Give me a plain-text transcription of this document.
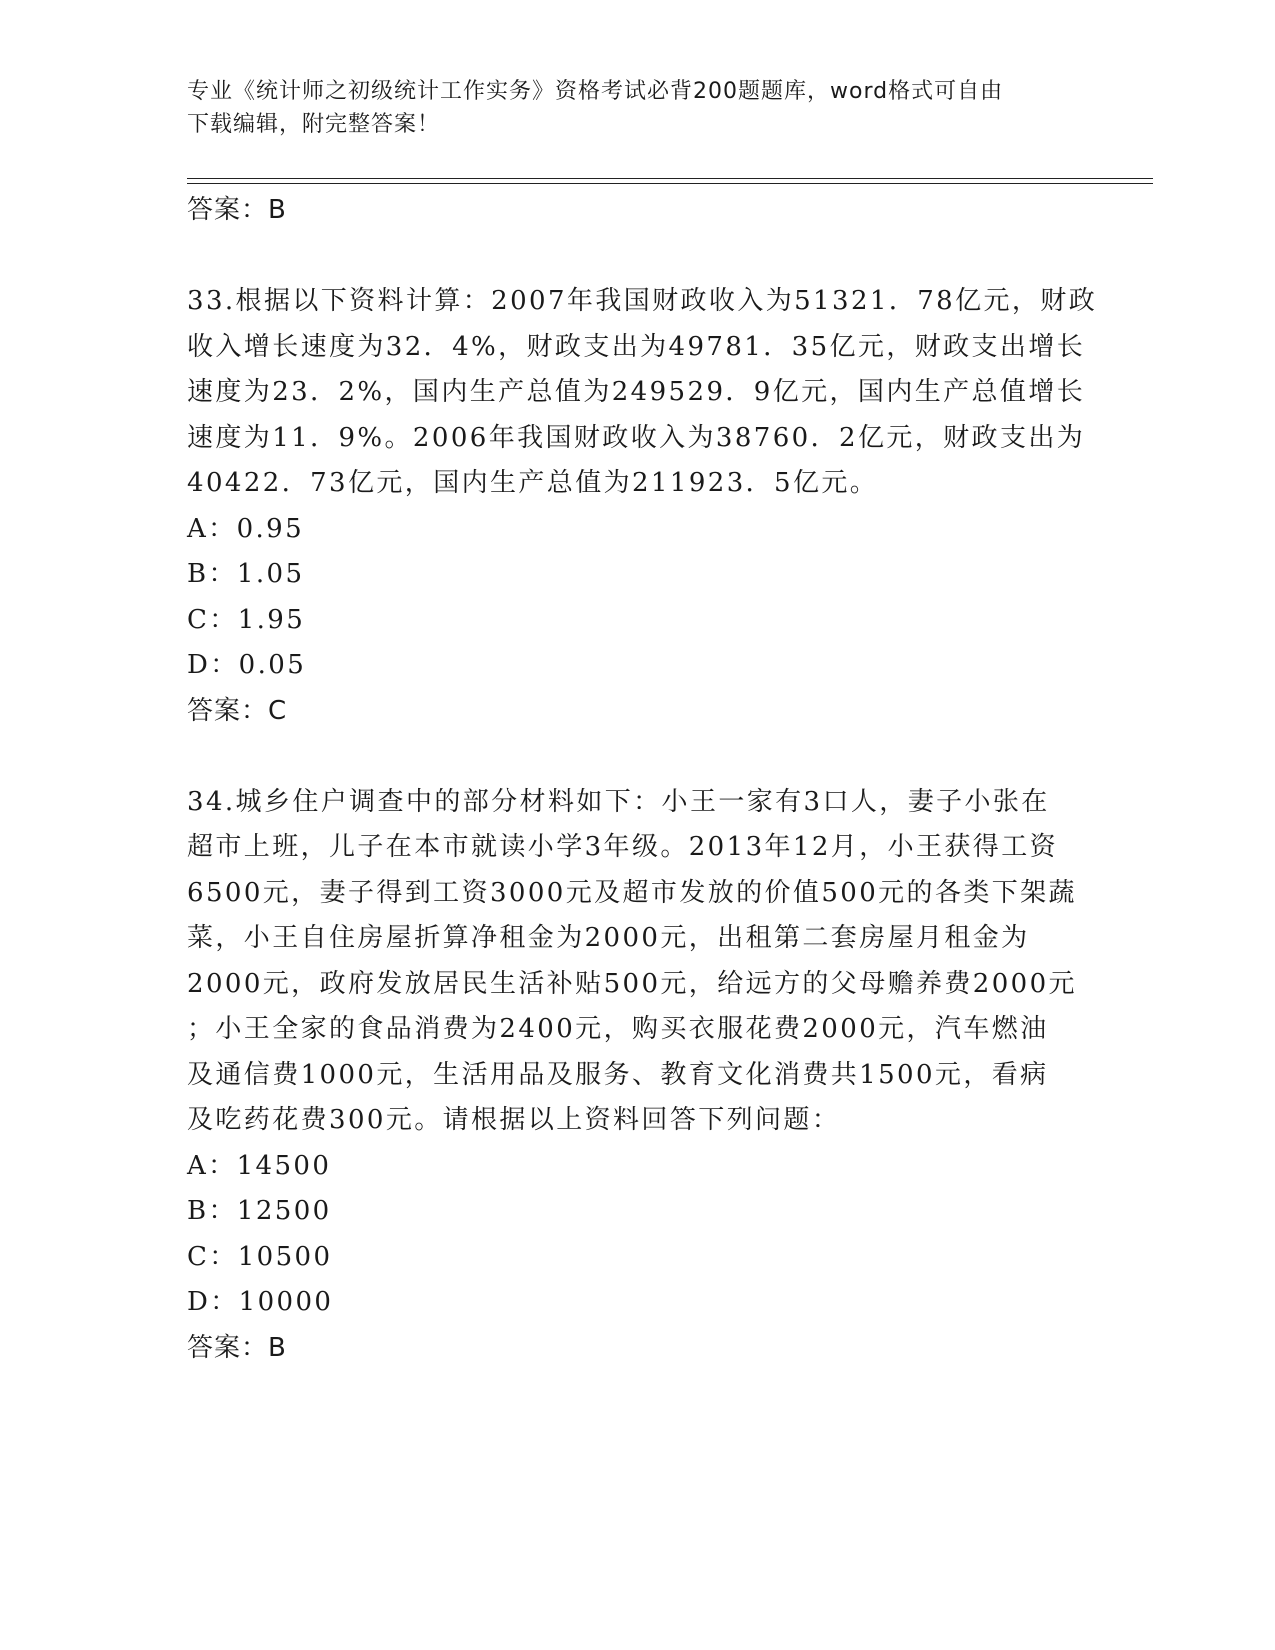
专业《统计师之初级统计工作实务》资格考试必背200题题库，word格式可自由
下载编辑，附完整答案！
答案：B
33.根据以下资料计算：2007年我国财政收入为51321．78亿元，财政
收入增长速度为32．4%，财政支出为49781．35亿元，财政支出增长
速度为23．2%，国内生产总值为249529．9亿元，国内生产总值增长
速度为11．9%。2006年我国财政收入为38760．2亿元，财政支出为
40422．73亿元，国内生产总值为211923．5亿元。
A：0.95
B：1.05
C：1.95
D：0.05
答案：C
34.城乡住户调查中的部分材料如下：小王一家有3口人，妻子小张在
超市上班，儿子在本市就读小学3年级。2013年12月，小王获得工资
6500元，妻子得到工资3000元及超市发放的价值500元的各类下架蔬
菜，小王自住房屋折算净租金为2000元，出租第二套房屋月租金为
2000元，政府发放居民生活补贴500元，给远方的父母赡养费2000元
；小王全家的食品消费为2400元，购买衣服花费2000元，汽车燃油
及通信费1000元，生活用品及服务、教育文化消费共1500元，看病
及吃药花费300元。请根据以上资料回答下列问题：
A：14500
B：12500
C：10500
D：10000
答案：B
